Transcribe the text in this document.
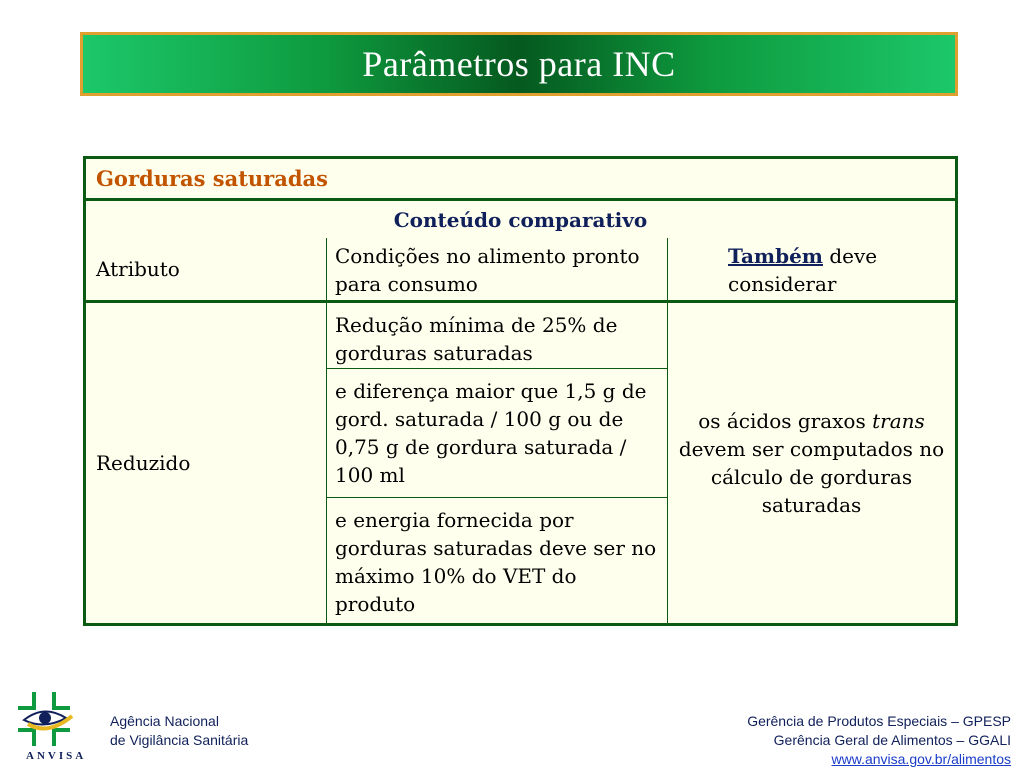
Parâmetros para INC
Gorduras saturadas
Conteúdo comparativo
Atributo
Condições no alimento pronto para consumo
Também deve considerar
Reduzido
Redução mínima de 25% de gorduras saturadas
e diferença maior que 1,5 g de gord. saturada / 100 g ou de 0,75 g de gordura saturada / 100 ml
e energia fornecida por gorduras saturadas deve ser no máximo 10% do VET do produto
os ácidos graxos trans devem ser computados no cálculo de gorduras saturadas
ANVISA
Agência Nacional
de Vigilância Sanitária
Gerência de Produtos Especiais – GPESP
Gerência Geral de Alimentos – GGALI
www.anvisa.gov.br/alimentos
